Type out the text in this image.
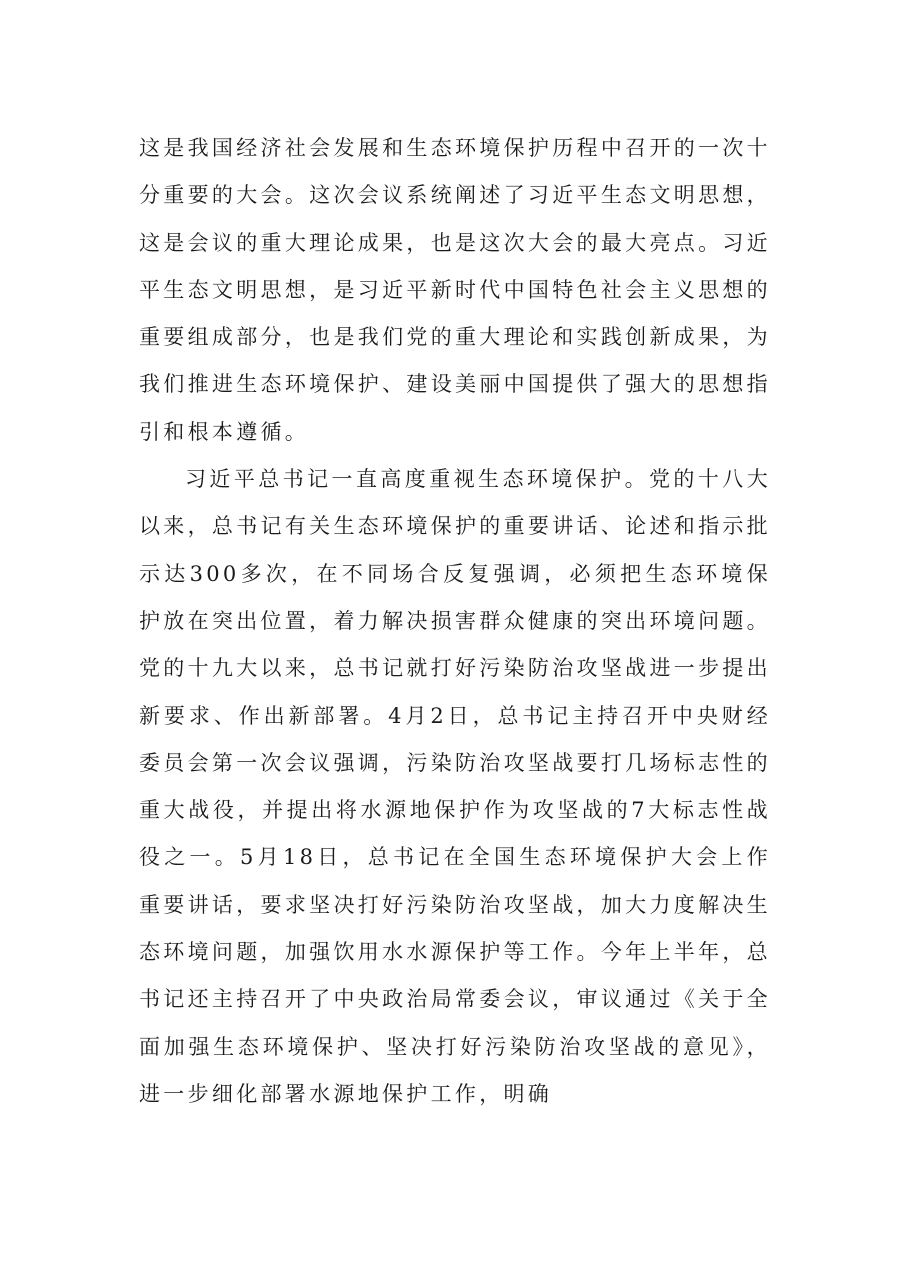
这是我国经济社会发展和生态环境保护历程中召开的一次十分重要的大会。这次会议系统阐述了习近平生态文明思想，这是会议的重大理论成果，也是这次大会的最大亮点。习近平生态文明思想，是习近平新时代中国特色社会主义思想的重要组成部分，也是我们党的重大理论和实践创新成果，为我们推进生态环境保护、建设美丽中国提供了强大的思想指引和根本遵循。

习近平总书记一直高度重视生态环境保护。党的十八大以来，总书记有关生态环境保护的重要讲话、论述和指示批示达300多次，在不同场合反复强调，必须把生态环境保护放在突出位置，着力解决损害群众健康的突出环境问题。党的十九大以来，总书记就打好污染防治攻坚战进一步提出新要求、作出新部署。4月2日，总书记主持召开中央财经委员会第一次会议强调，污染防治攻坚战要打几场标志性的重大战役，并提出将水源地保护作为攻坚战的7大标志性战役之一。5月18日，总书记在全国生态环境保护大会上作重要讲话，要求坚决打好污染防治攻坚战，加大力度解决生态环境问题，加强饮用水水源保护等工作。今年上半年，总书记还主持召开了中央政治局常委会议，审议通过《关于全面加强生态环境保护、坚决打好污染防治攻坚战的意见》，进一步细化部署水源地保护工作，明确
